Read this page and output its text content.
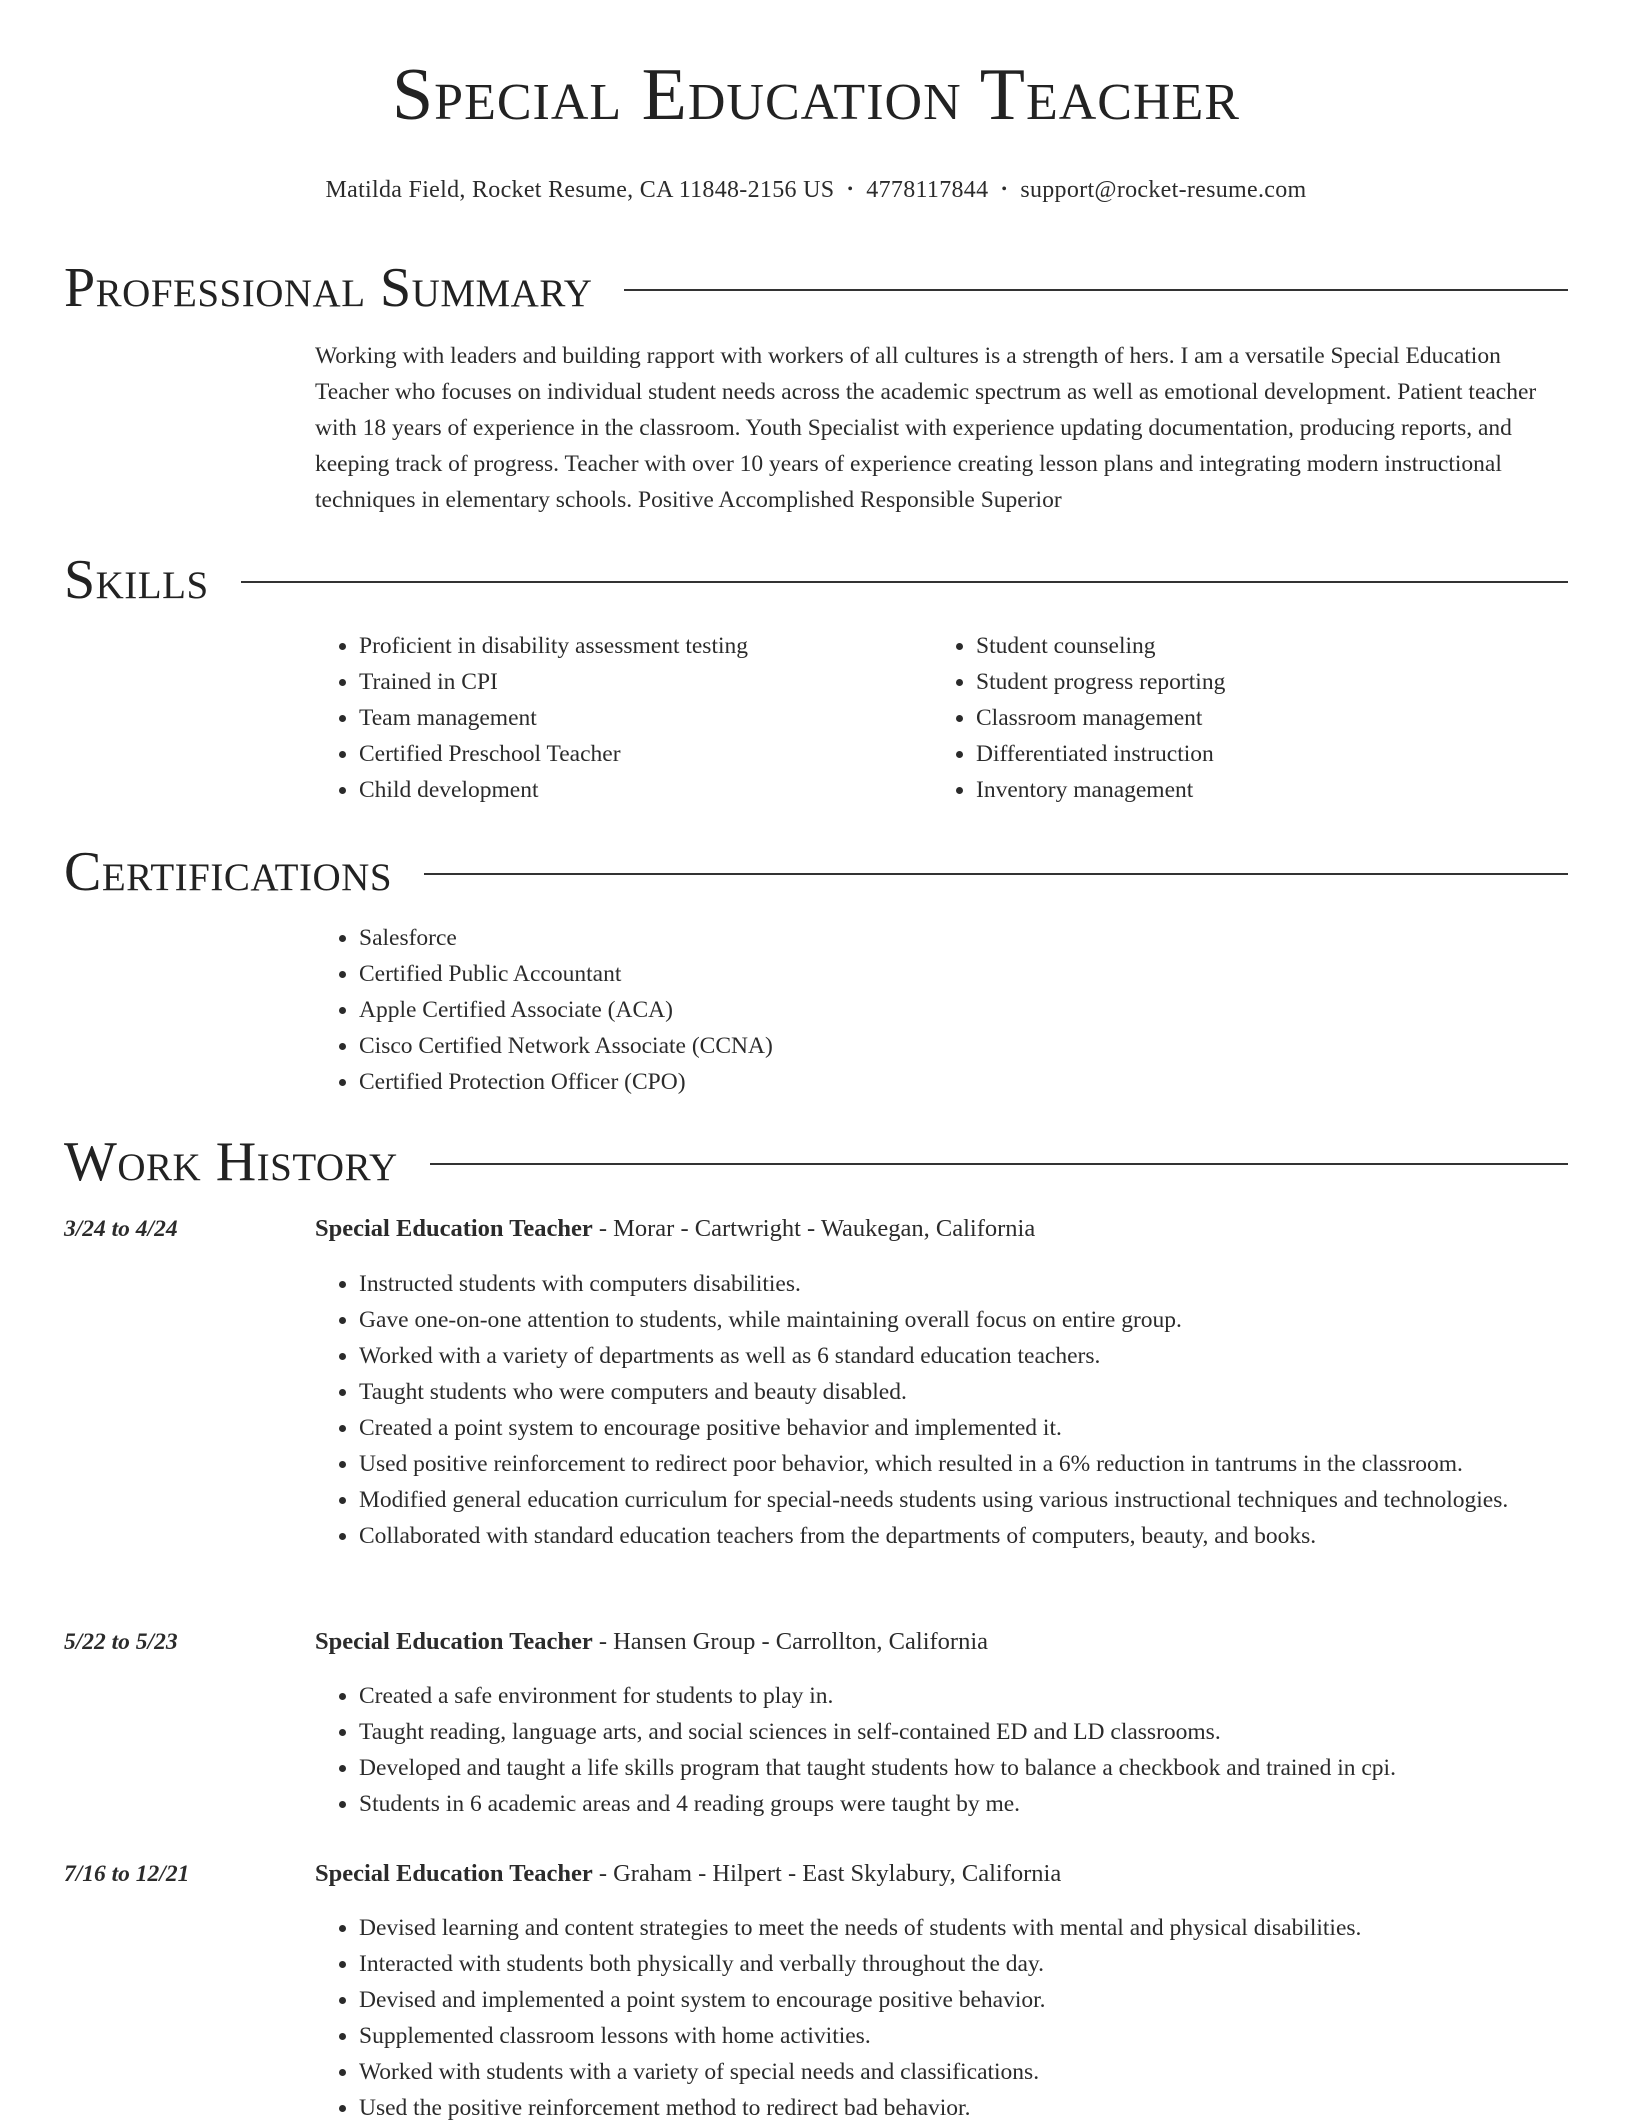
Special Education Teacher
Matilda Field, Rocket Resume, CA 11848-2156 US • 4778117844 • support@rocket-resume.com
Professional Summary
Working with leaders and building rapport with workers of all cultures is a strength of hers. I am a versatile Special Education Teacher who focuses on individual student needs across the academic spectrum as well as emotional development. Patient teacher with 18 years of experience in the classroom. Youth Specialist with experience updating documentation, producing reports, and keeping track of progress. Teacher with over 10 years of experience creating lesson plans and integrating modern instructional techniques in elementary schools. Positive Accomplished Responsible Superior
Skills
• Proficient in disability assessment testing
• Trained in CPI
• Team management
• Certified Preschool Teacher
• Child development
• Student counseling
• Student progress reporting
• Classroom management
• Differentiated instruction
• Inventory management
Certifications
• Salesforce
• Certified Public Accountant
• Apple Certified Associate (ACA)
• Cisco Certified Network Associate (CCNA)
• Certified Protection Officer (CPO)
Work History
3/24 to 4/24	Special Education Teacher - Morar - Cartwright - Waukegan, California
• Instructed students with computers disabilities.
• Gave one-on-one attention to students, while maintaining overall focus on entire group.
• Worked with a variety of departments as well as 6 standard education teachers.
• Taught students who were computers and beauty disabled.
• Created a point system to encourage positive behavior and implemented it.
• Used positive reinforcement to redirect poor behavior, which resulted in a 6% reduction in tantrums in the classroom.
• Modified general education curriculum for special-needs students using various instructional techniques and technologies.
• Collaborated with standard education teachers from the departments of computers, beauty, and books.
5/22 to 5/23	Special Education Teacher - Hansen Group - Carrollton, California
• Created a safe environment for students to play in.
• Taught reading, language arts, and social sciences in self-contained ED and LD classrooms.
• Developed and taught a life skills program that taught students how to balance a checkbook and trained in cpi.
• Students in 6 academic areas and 4 reading groups were taught by me.
7/16 to 12/21	Special Education Teacher - Graham - Hilpert - East Skylabury, California
• Devised learning and content strategies to meet the needs of students with mental and physical disabilities.
• Interacted with students both physically and verbally throughout the day.
• Devised and implemented a point system to encourage positive behavior.
• Supplemented classroom lessons with home activities.
• Worked with students with a variety of special needs and classifications.
• Used the positive reinforcement method to redirect bad behavior.
